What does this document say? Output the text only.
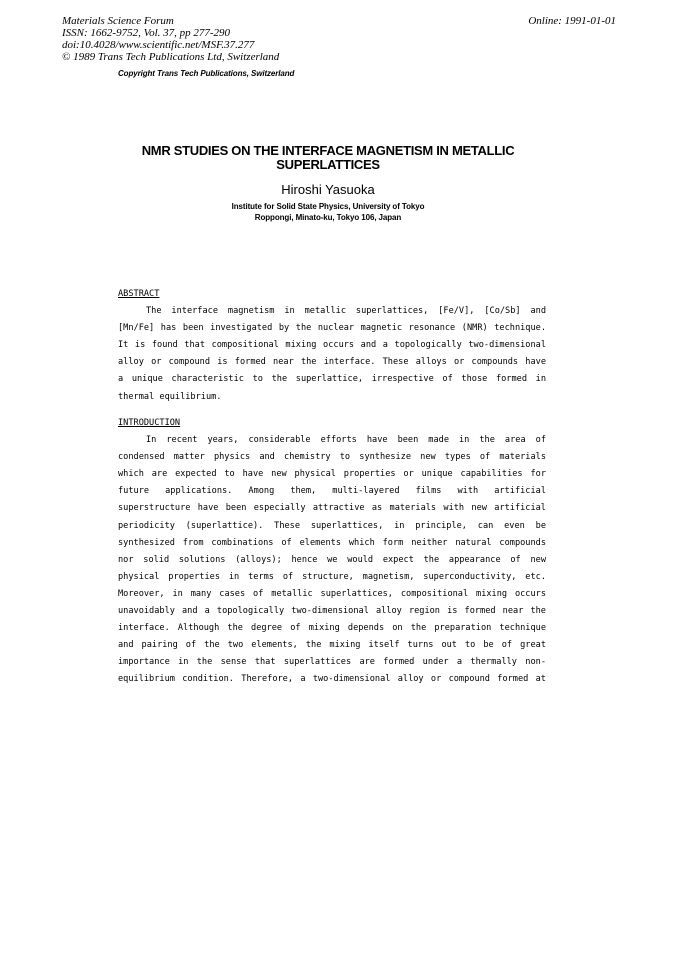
Materials Science Forum
ISSN: 1662-9752, Vol. 37, pp 277-290
doi:10.4028/www.scientific.net/MSF.37.277
© 1989 Trans Tech Publications Ltd, Switzerland
Online: 1991-01-01
Copyright Trans Tech Publications, Switzerland
NMR STUDIES ON THE INTERFACE MAGNETISM IN METALLIC
SUPERLATTICES
Hiroshi Yasuoka
Institute for Solid State Physics, University of Tokyo
Roppongi, Minato-ku, Tokyo 106, Japan
ABSTRACT
The interface magnetism in metallic superlattices, [Fe/V], [Co/Sb] and
[Mn/Fe] has been investigated by the nuclear magnetic resonance (NMR) technique.
It is found that compositional mixing occurs and a topologically two-dimensional
alloy or compound is formed near the interface. These alloys or compounds have
a unique characteristic to the superlattice, irrespective of those formed in
thermal equilibrium.
INTRODUCTION
In recent years, considerable efforts have been made in the area of
condensed matter physics and chemistry to synthesize new types of materials
which are expected to have new physical properties or unique capabilities for
future applications. Among them, multi-layered films with artificial
superstructure have been especially attractive as materials with new artificial
periodicity (superlattice). These superlattices, in principle, can even be
synthesized from combinations of elements which form neither natural compounds
nor solid solutions (alloys); hence we would expect the appearance of new
physical properties in terms of structure, magnetism, superconductivity, etc.
Moreover, in many cases of metallic superlattices, compositional mixing occurs
unavoidably and a topologically two-dimensional alloy region is formed near the
interface. Although the degree of mixing depends on the preparation technique
and pairing of the two elements, the mixing itself turns out to be of great
importance in the sense that superlattices are formed under a thermally non-
equilibrium condition. Therefore, a two-dimensional alloy or compound formed at
